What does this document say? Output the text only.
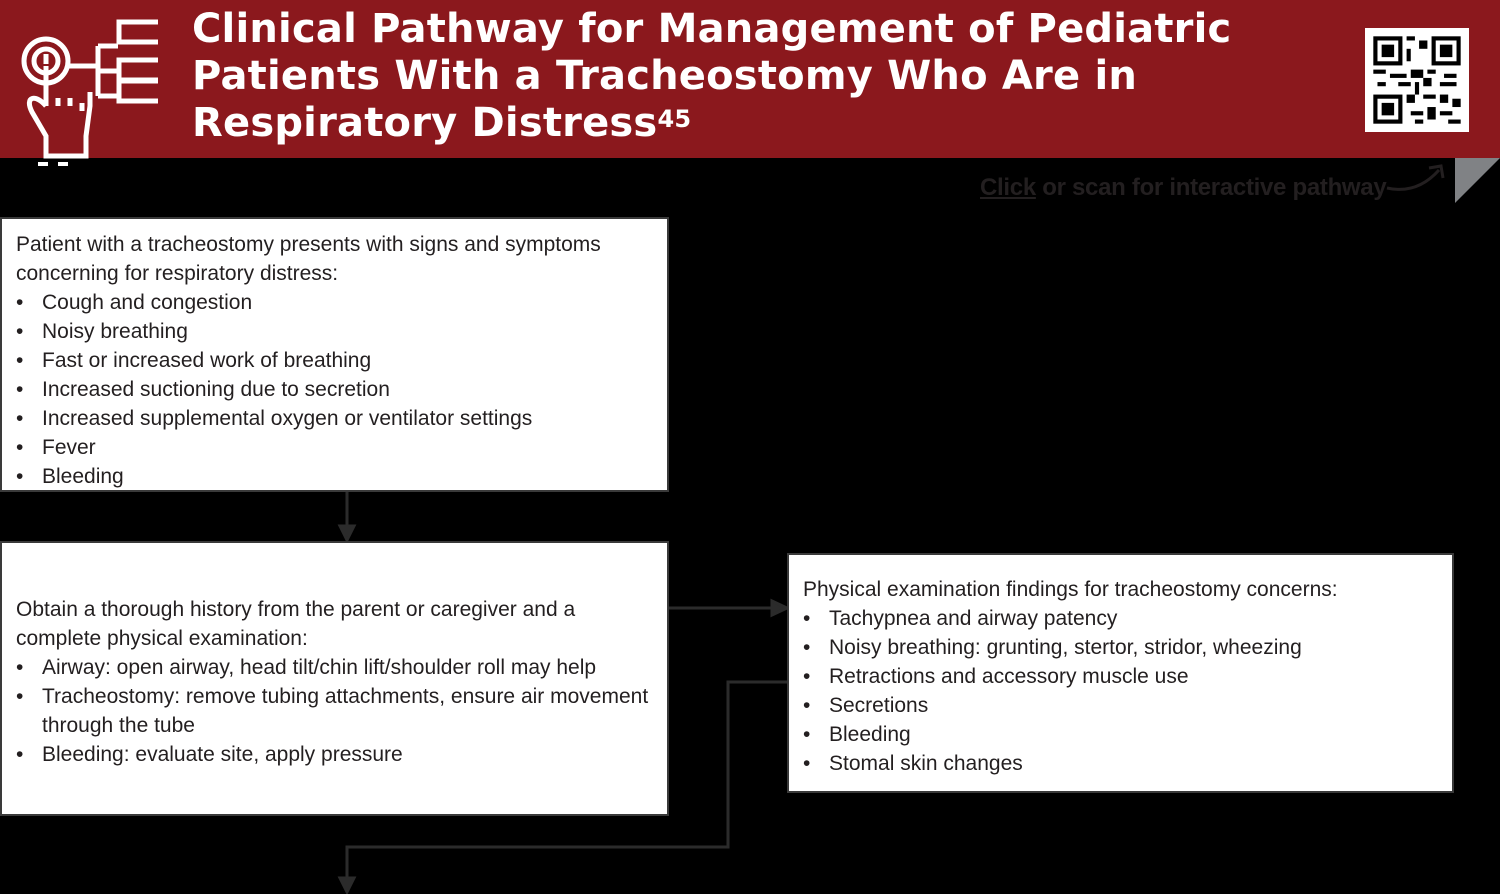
Clinical Pathway for Management of Pediatric
Patients With a Tracheostomy Who Are in
Respiratory Distress$^{45}$
Click or scan for interactive pathway

Patient with a tracheostomy presents with signs and symptoms concerning for respiratory distress:

• Cough and congestion
• Noisy breathing
• Fast or increased work of breathing
• Increased suctioning due to secretion
• Increased supplemental oxygen or ventilator settings
• Fever
• Bleeding

Obtain a thorough history from the parent or caregiver and a complete physical examination:

• Airway: open airway, head tilt/chin lift/shoulder roll may help
• Tracheostomy: remove tubing attachments, ensure air movement through the tube
• Bleeding: evaluate site, apply pressure

Physical examination findings for tracheostomy concerns:

• Tachypnea and airway patency
• Noisy breathing: grunting, stertor, stridor, wheezing
• Retractions and accessory muscle use
• Secretions
• Bleeding
• Stomal skin changes
